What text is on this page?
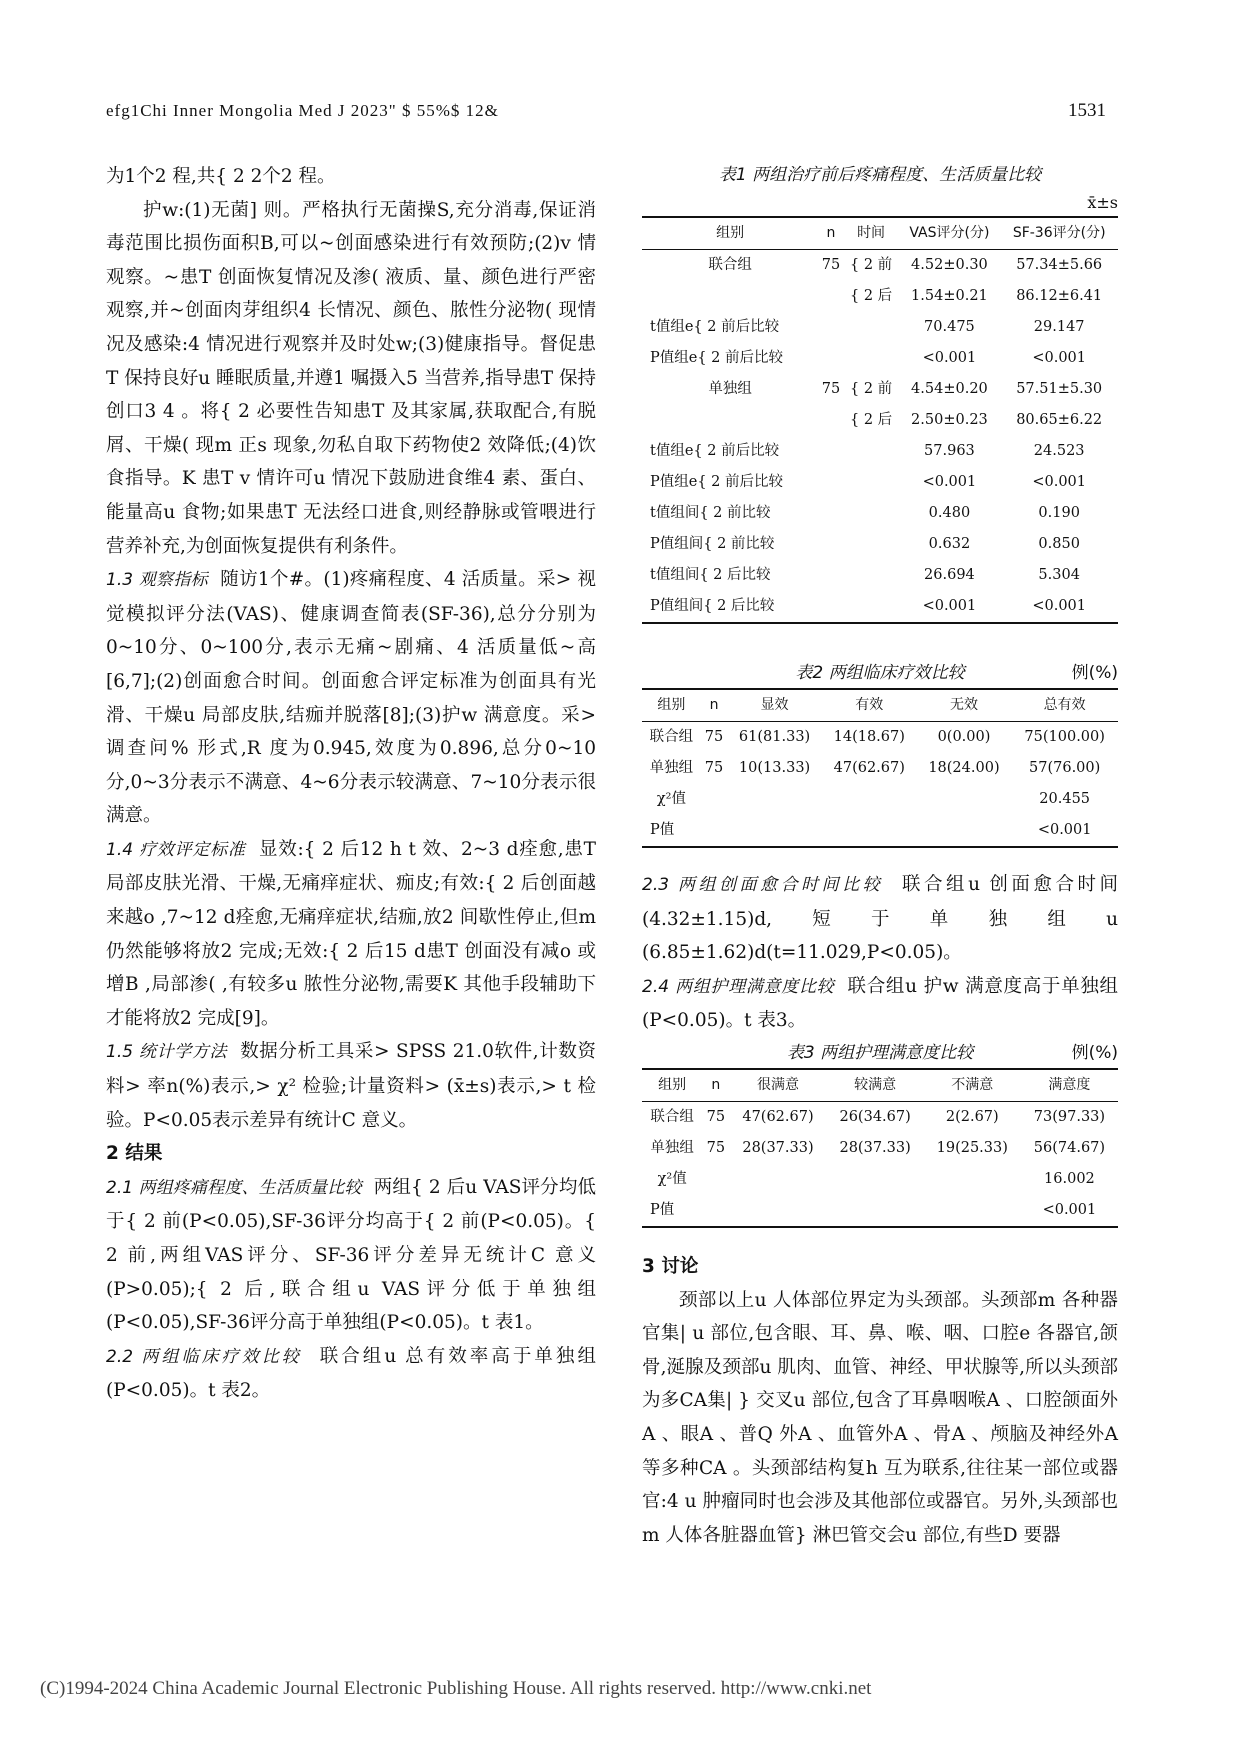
efg1Chi Inner Mongolia Med J 2023" $ 55%$ 12&	1531

为1个2 程,共{ 2 2个2 程。

护w:(1)无菌] 则。严格执行无菌操S,充分消毒,保证消毒范围比损伤面积B,可以~创面感染进行有效预防;(2)v 情观察。~患T 创面恢复情况及渗( 液质、量、颜色进行严密观察,并~创面肉芽组织4 长情况、颜色、脓性分泌物( 现情况及感染:4 情况进行观察并及时处w;(3)健康指导。督促患T 保持良好u 睡眠质量,并遵1 嘱摄入5 当营养,指导患T 保持创口3 4 。将{ 2 必要性告知患T 及其家属,获取配合,有脱屑、干燥( 现m 正s 现象,勿私自取下药物使2 效降低;(4)饮食指导。K 患T v 情许可u 情况下鼓励进食维4 素、蛋白、能量高u 食物;如果患T 无法经口进食,则经静脉或管喂进行营养补充,为创面恢复提供有利条件。

1.3 观察指标 随访1个#。(1)疼痛程度、4 活质量。采> 视觉模拟评分法(VAS)、健康调查简表(SF-36),总分分别为0~10分、0~100分,表示无痛~剧痛、4 活质量低~高[6,7];(2)创面愈合时间。创面愈合评定标准为创面具有光滑、干燥u 局部皮肤,结痂并脱落[8];(3)护w 满意度。采> 调查问% 形式,R 度为0.945,效度为0.896,总分0~10分,0~3分表示不满意、4~6分表示较满意、7~10分表示很满意。

1.4 疗效评定标准 显效:{ 2 后12 h t 效、2~3 d痊愈,患T 局部皮肤光滑、干燥,无痛痒症状、痂皮;有效:{ 2 后创面越来越o ,7~12 d痊愈,无痛痒症状,结痂,放2 间歇性停止,但m 仍然能够将放2 完成;无效:{ 2 后15 d患T 创面没有减o 或增B ,局部渗( ,有较多u 脓性分泌物,需要K 其他手段辅助下才能将放2 完成[9]。

1.5 统计学方法 数据分析工具采> SPSS 21.0软件,计数资料> 率n(%)表示,> χ² 检验;计量资料> (x̄±s)表示,> t 检验。P<0.05表示差异有统计C 意义。

2 结果

2.1 两组疼痛程度、生活质量比较 两组{ 2 后u VAS评分均低于{ 2 前(P<0.05),SF-36评分均高于{ 2 前(P<0.05)。{ 2 前,两组VAS评分、SF-36评分差异无统计C 意义(P>0.05);{ 2 后,联合组u VAS评分低于单独组(P<0.05),SF-36评分高于单独组(P<0.05)。t 表1。

2.2 两组临床疗效比较 联合组u 总有效率高于单独组(P<0.05)。t 表2。

表1 两组治疗前后疼痛程度、生活质量比较
x̄±s
组别	n	时间	VAS评分(分)	SF-36评分(分)
联合组	75	{ 2 前	4.52±0.30	57.34±5.66
		{ 2 后	1.54±0.21	86.12±6.41
t值组e{ 2 前后比较			70.475	29.147
P值组e{ 2 前后比较			<0.001	<0.001
单独组	75	{ 2 前	4.54±0.20	57.51±5.30
		{ 2 后	2.50±0.23	80.65±6.22
t值组e{ 2 前后比较			57.963	24.523
P值组e{ 2 前后比较			<0.001	<0.001
t值组间{ 2 前比较			0.480	0.190
P值组间{ 2 前比较			0.632	0.850
t值组间{ 2 后比较			26.694	5.304
P值组间{ 2 后比较			<0.001	<0.001
表2 两组临床疗效比较	例(%)
组别	n	显效	有效	无效	总有效
联合组	75	61(81.33)	14(18.67)	0(0.00)	75(100.00)
单独组	75	10(13.33)	47(62.67)	18(24.00)	57(76.00)
χ²值					20.455
P值					<0.001

2.3 两组创面愈合时间比较 联合组u 创面愈合时间(4.32±1.15)d,短于单独组u (6.85±1.62)d(t=11.029,P<0.05)。

2.4 两组护理满意度比较 联合组u 护w 满意度高于单独组(P<0.05)。t 表3。

表3 两组护理满意度比较	例(%)
组别	n	很满意	较满意	不满意	满意度
联合组	75	47(62.67)	26(34.67)	2(2.67)	73(97.33)
单独组	75	28(37.33)	28(37.33)	19(25.33)	56(74.67)
χ²值					16.002
P值					<0.001

3 讨论

颈部以上u 人体部位界定为头颈部。头颈部m 各种器官集| u 部位,包含眼、耳、鼻、喉、咽、口腔e 各器官,颌骨,涎腺及颈部u 肌肉、血管、神经、甲状腺等,所以头颈部为多CA集| } 交叉u 部位,包含了耳鼻咽喉A 、口腔颌面外A 、眼A 、普Q 外A 、血管外A 、骨A 、颅脑及神经外A 等多种CA 。头颈部结构复h 互为联系,往往某一部位或器官:4 u 肿瘤同时也会涉及其他部位或器官。另外,头颈部也m 人体各脏器血管} 淋巴管交会u 部位,有些D 要器

(C)1994-2024 China Academic Journal Electronic Publishing House. All rights reserved. http://www.cnki.net
